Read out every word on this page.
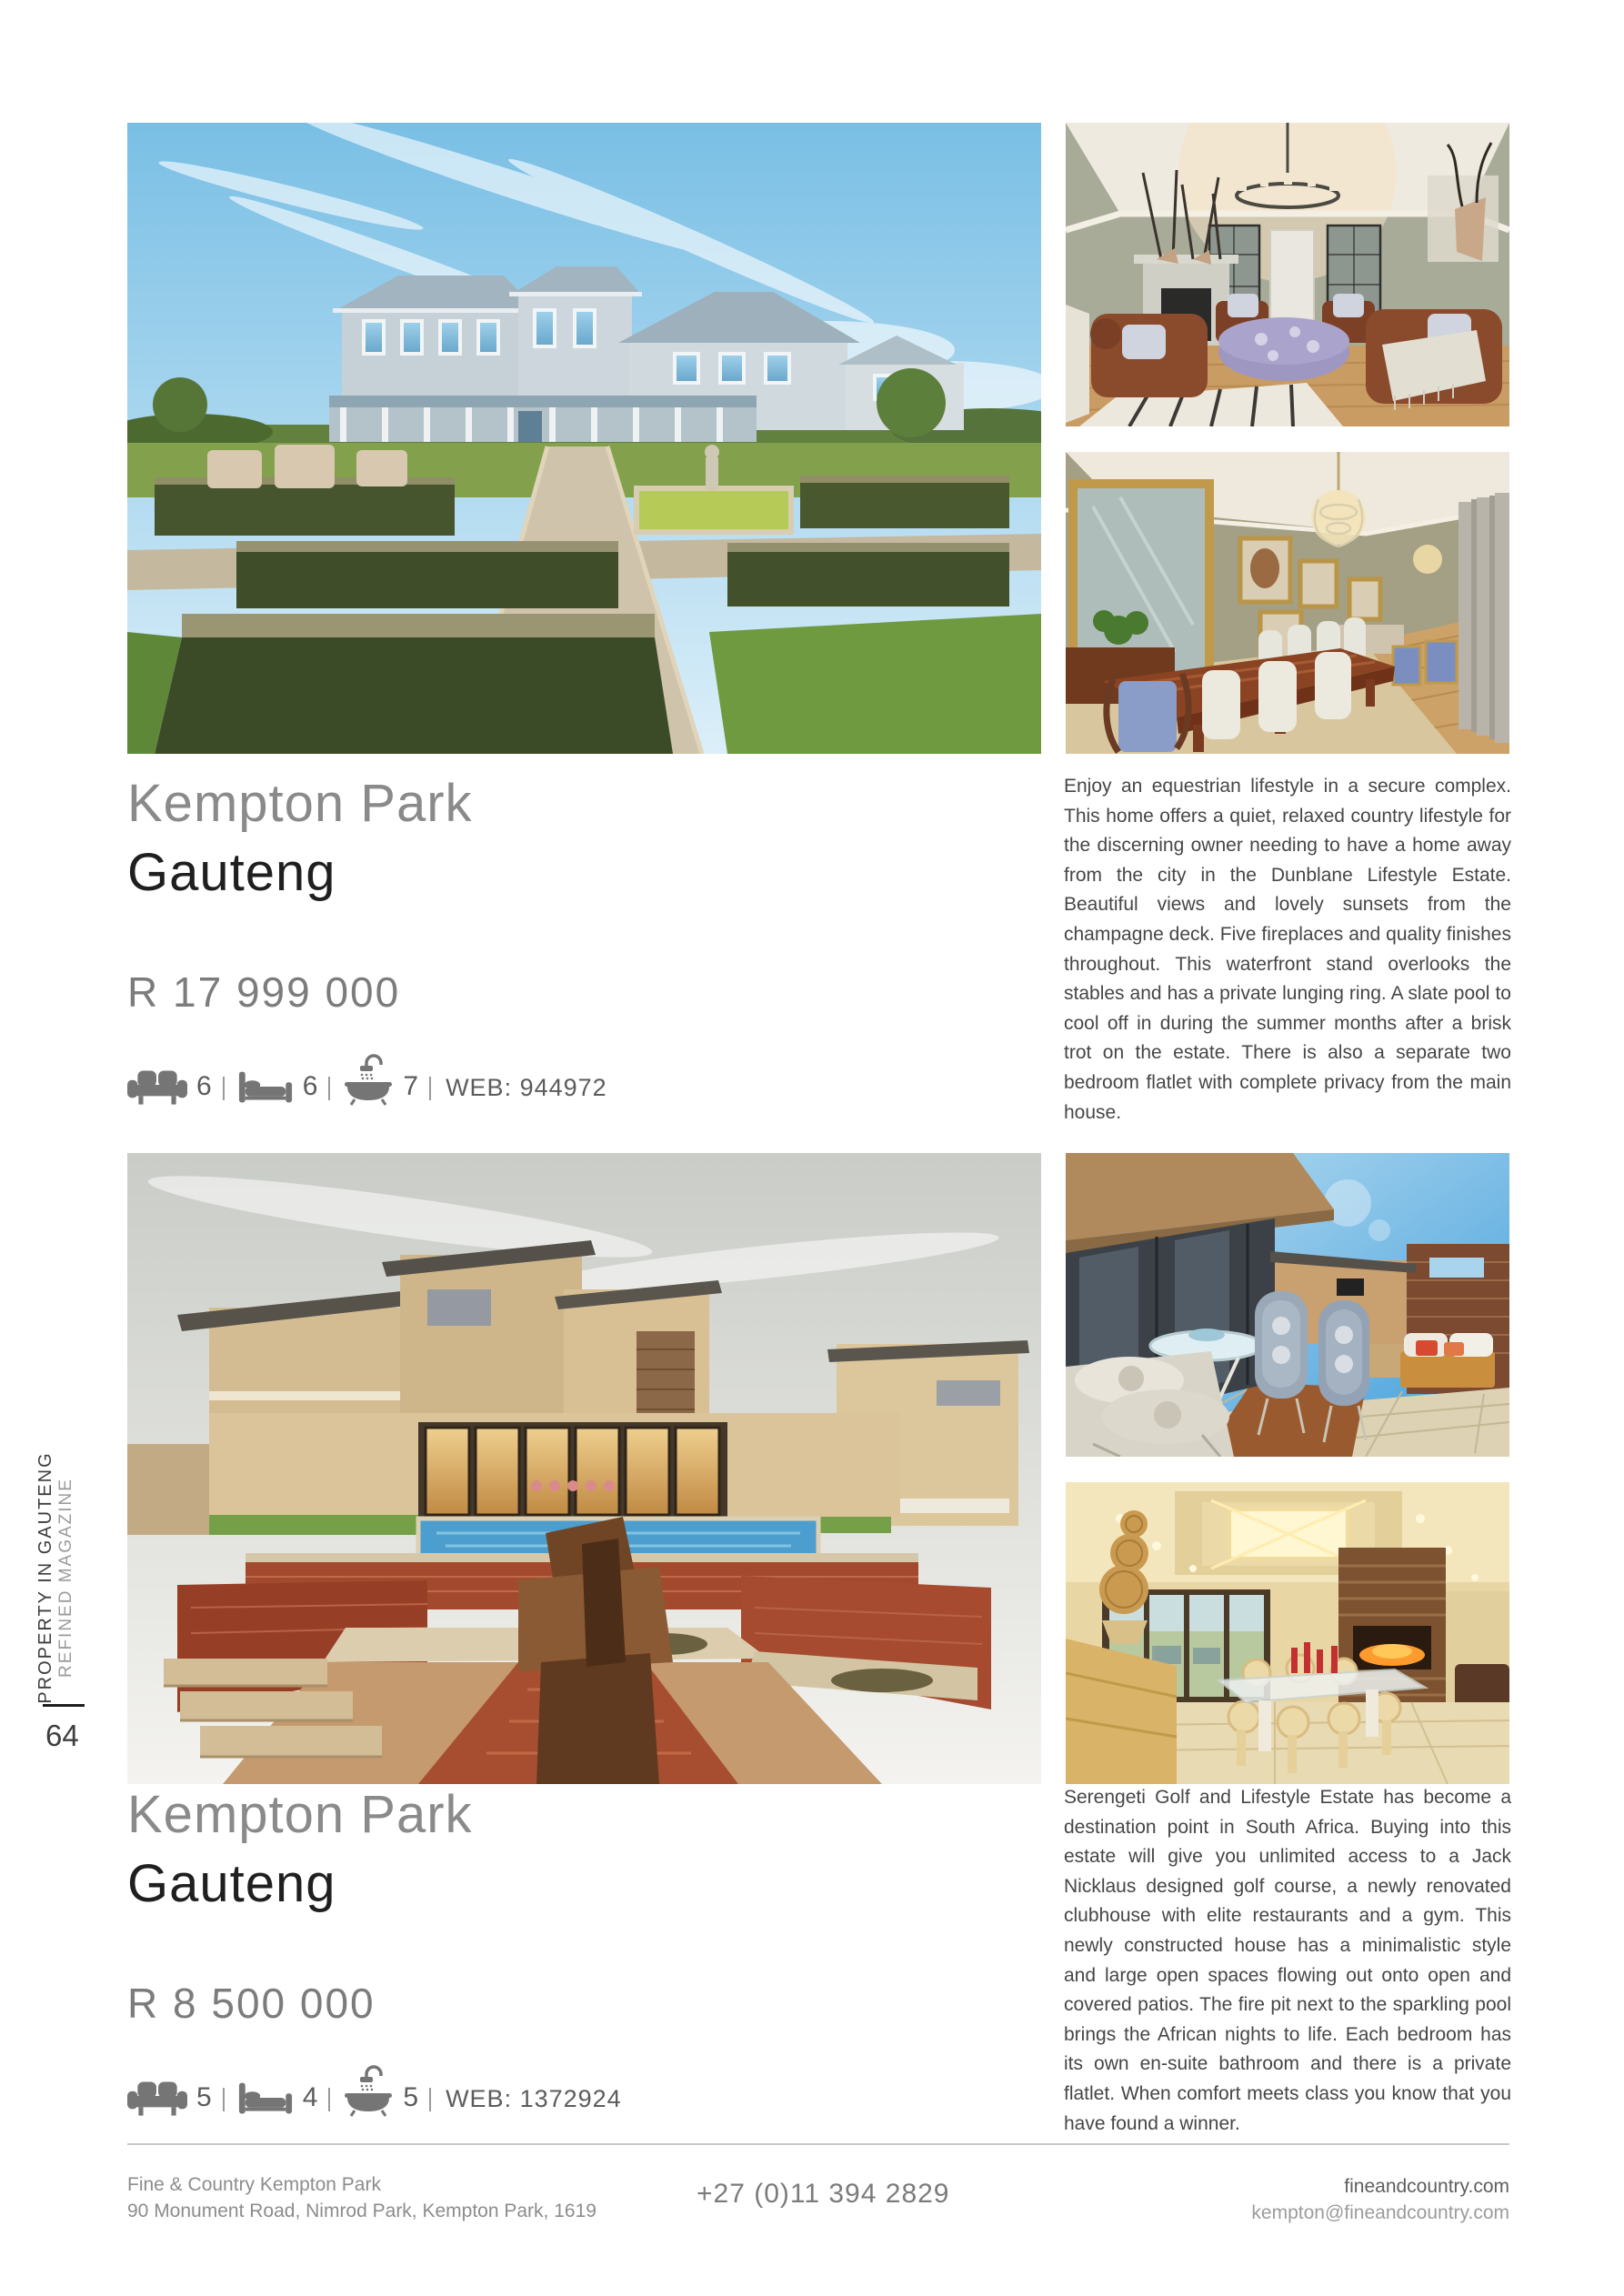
PROPERTY IN GAUTENG REFINED MAGAZINE
64
Kempton Park
Gauteng
R 17 999 000
6	6	7 WEB: 944972
Enjoy an equestrian lifestyle in a secure complex. This home offers a quiet, relaxed country lifestyle for the discerning owner needing to have a home away from the city in the Dunblane Lifestyle Estate. Beautiful views and lovely sunsets from the champagne deck. Five fireplaces and quality finishes throughout. This waterfront stand overlooks the stables and has a private lunging ring. A slate pool to cool off in during the summer months after a brisk trot on the estate. There is also a separate two bedroom flatlet with complete privacy from the main house.
Kempton Park
Gauteng
R 8 500 000
5	4	5 WEB: 1372924
Serengeti Golf and Lifestyle Estate has become a destination point in South Africa. Buying into this estate will give you unlimited access to a Jack Nicklaus designed golf course, a newly renovated clubhouse with elite restaurants and a gym. This newly constructed house has a minimalistic style and large open spaces flowing out onto open and covered patios. The fire pit next to the sparkling pool brings the African nights to life. Each bedroom has its own en-suite bathroom and there is a private flatlet. When comfort meets class you know that you have found a winner.
Fine & Country Kempton Park
90 Monument Road, Nimrod Park, Kempton Park, 1619
+27 (0)11 394 2829	fineandcountry.com
kempton@fineandcountry.com
